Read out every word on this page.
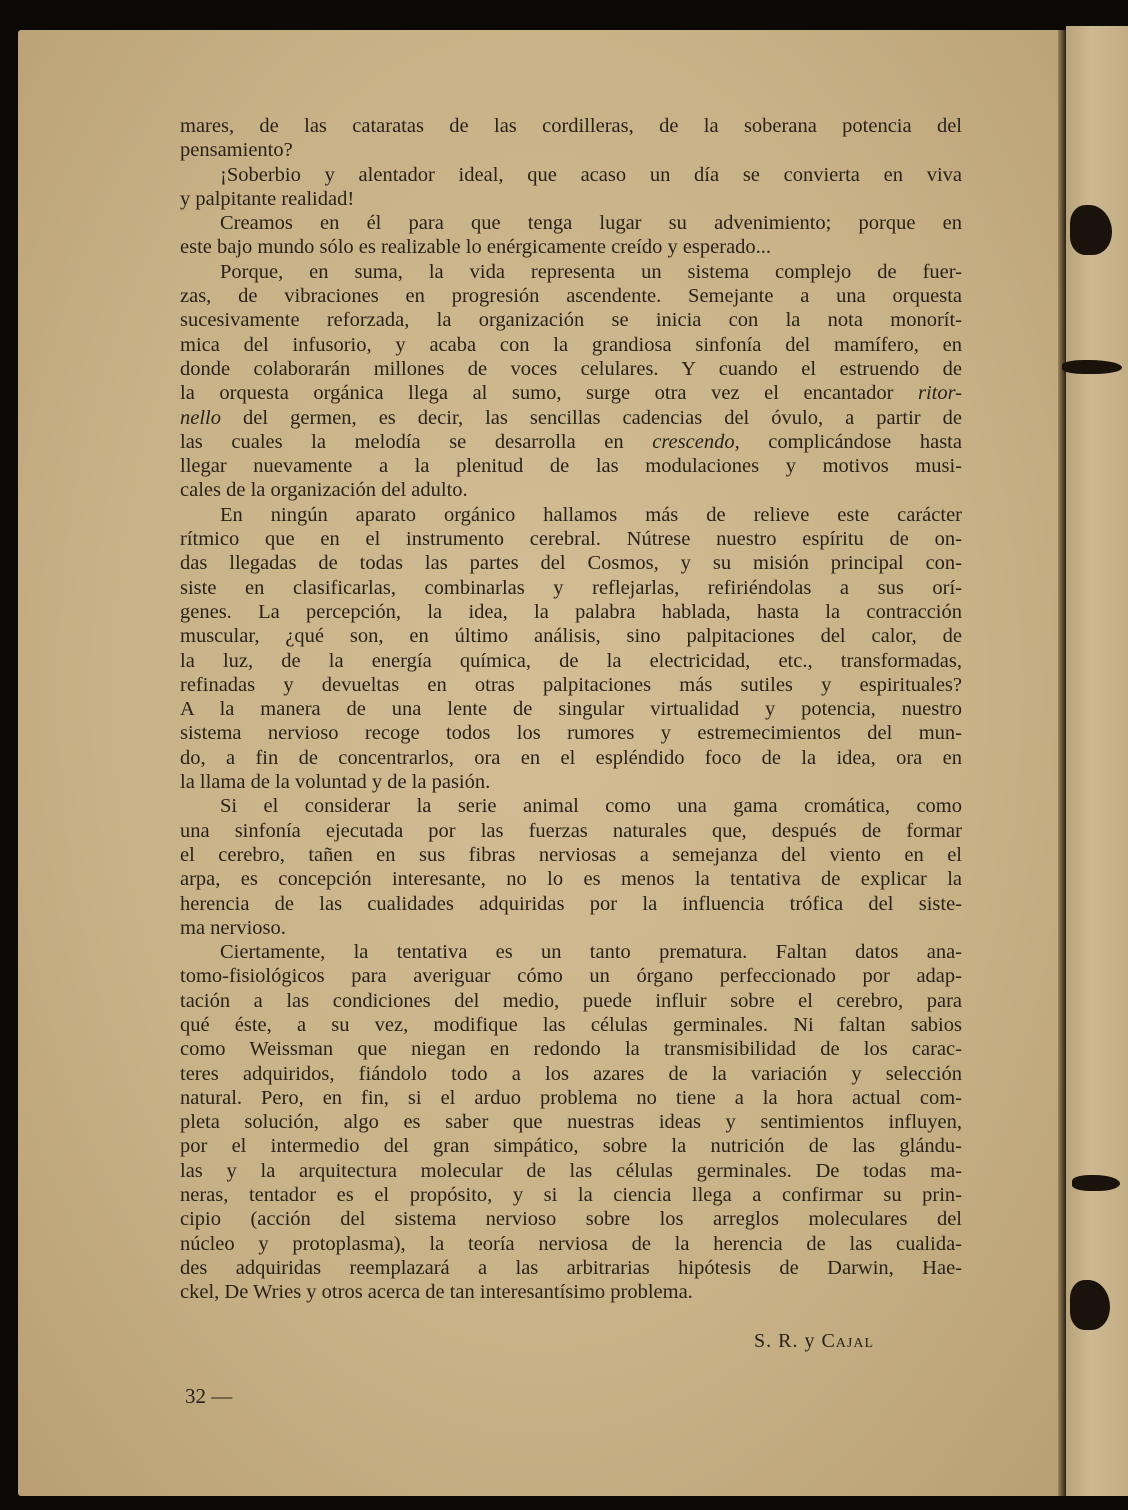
mares, de las cataratas de las cordilleras, de la soberana potencia del
pensamiento?
¡Soberbio y alentador ideal, que acaso un día se convierta en viva
y palpitante realidad!
Creamos en él para que tenga lugar su advenimiento; porque en
este bajo mundo sólo es realizable lo enérgicamente creído y esperado...
Porque, en suma, la vida representa un sistema complejo de fuer-
zas, de vibraciones en progresión ascendente. Semejante a una orquesta
sucesivamente reforzada, la organización se inicia con la nota monorít-
mica del infusorio, y acaba con la grandiosa sinfonía del mamífero, en
donde colaborarán millones de voces celulares. Y cuando el estruendo de
la orquesta orgánica llega al sumo, surge otra vez el encantador ritor-
nello del germen, es decir, las sencillas cadencias del óvulo, a partir de
las cuales la melodía se desarrolla en crescendo, complicándose hasta
llegar nuevamente a la plenitud de las modulaciones y motivos musi-
cales de la organización del adulto.
En ningún aparato orgánico hallamos más de relieve este carácter
rítmico que en el instrumento cerebral. Nútrese nuestro espíritu de on-
das llegadas de todas las partes del Cosmos, y su misión principal con-
siste en clasificarlas, combinarlas y reflejarlas, refiriéndolas a sus orí-
genes. La percepción, la idea, la palabra hablada, hasta la contracción
muscular, ¿qué son, en último análisis, sino palpitaciones del calor, de
la luz, de la energía química, de la electricidad, etc., transformadas,
refinadas y devueltas en otras palpitaciones más sutiles y espirituales?
A la manera de una lente de singular virtualidad y potencia, nuestro
sistema nervioso recoge todos los rumores y estremecimientos del mun-
do, a fin de concentrarlos, ora en el espléndido foco de la idea, ora en
la llama de la voluntad y de la pasión.
Si el considerar la serie animal como una gama cromática, como
una sinfonía ejecutada por las fuerzas naturales que, después de formar
el cerebro, tañen en sus fibras nerviosas a semejanza del viento en el
arpa, es concepción interesante, no lo es menos la tentativa de explicar la
herencia de las cualidades adquiridas por la influencia trófica del siste-
ma nervioso.
Ciertamente, la tentativa es un tanto prematura. Faltan datos ana-
tomo-fisiológicos para averiguar cómo un órgano perfeccionado por adap-
tación a las condiciones del medio, puede influir sobre el cerebro, para
qué éste, a su vez, modifique las células germinales. Ni faltan sabios
como Weissman que niegan en redondo la transmisibilidad de los carac-
teres adquiridos, fiándolo todo a los azares de la variación y selección
natural. Pero, en fin, si el arduo problema no tiene a la hora actual com-
pleta solución, algo es saber que nuestras ideas y sentimientos influyen,
por el intermedio del gran simpático, sobre la nutrición de las glándu-
las y la arquitectura molecular de las células germinales. De todas ma-
neras, tentador es el propósito, y si la ciencia llega a confirmar su prin-
cipio (acción del sistema nervioso sobre los arreglos moleculares del
núcleo y protoplasma), la teoría nerviosa de la herencia de las cualida-
des adquiridas reemplazará a las arbitrarias hipótesis de Darwin, Hae-
ckel, De Wries y otros acerca de tan interesantísimo problema.
S. R. y Cajal
32 —
